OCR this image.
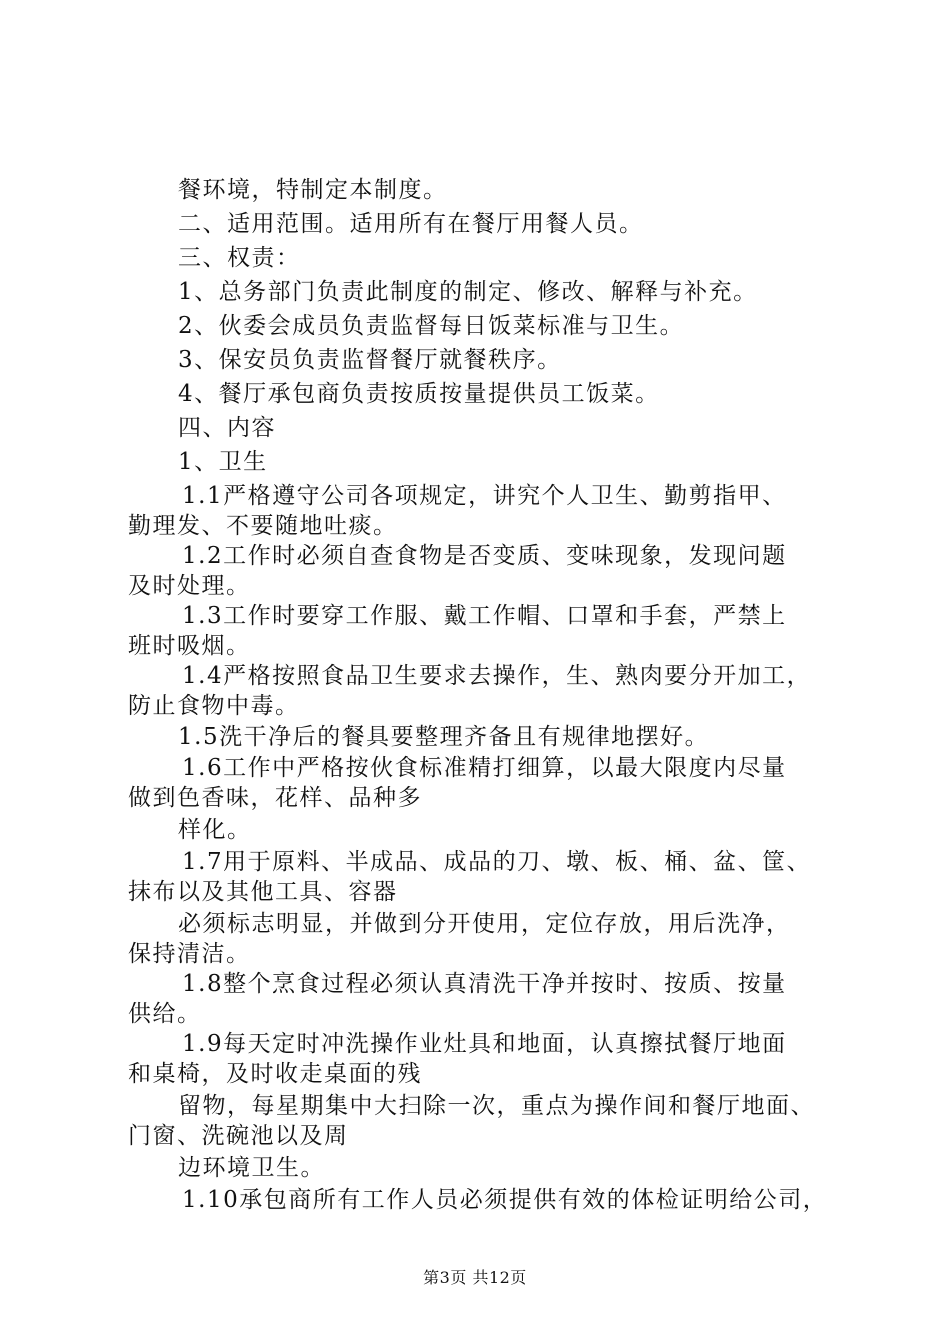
餐环境，特制定本制度。
二、适用范围。适用所有在餐厅用餐人员。
三、权责：
1、总务部门负责此制度的制定、修改、解释与补充。
2、伙委会成员负责监督每日饭菜标准与卫生。
3、保安员负责监督餐厅就餐秩序。
4、餐厅承包商负责按质按量提供员工饭菜。
四、内容
1、卫生
1.1严格遵守公司各项规定，讲究个人卫生、勤剪指甲、
勤理发、不要随地吐痰。
1.2工作时必须自查食物是否变质、变味现象，发现问题
及时处理。
1.3工作时要穿工作服、戴工作帽、口罩和手套，严禁上
班时吸烟。
1.4严格按照食品卫生要求去操作，生、熟肉要分开加工，
防止食物中毒。
1.5洗干净后的餐具要整理齐备且有规律地摆好。
1.6工作中严格按伙食标准精打细算，以最大限度内尽量
做到色香味，花样、品种多
样化。
1.7用于原料、半成品、成品的刀、墩、板、桶、盆、筐、
抹布以及其他工具、容器
必须标志明显，并做到分开使用，定位存放，用后洗净，
保持清洁。
1.8整个烹食过程必须认真清洗干净并按时、按质、按量
供给。
1.9每天定时冲洗操作业灶具和地面，认真擦拭餐厅地面
和桌椅，及时收走桌面的残
留物，每星期集中大扫除一次，重点为操作间和餐厅地面、
门窗、洗碗池以及周
边环境卫生。
1.10承包商所有工作人员必须提供有效的体检证明给公司，
第3页 共12页
